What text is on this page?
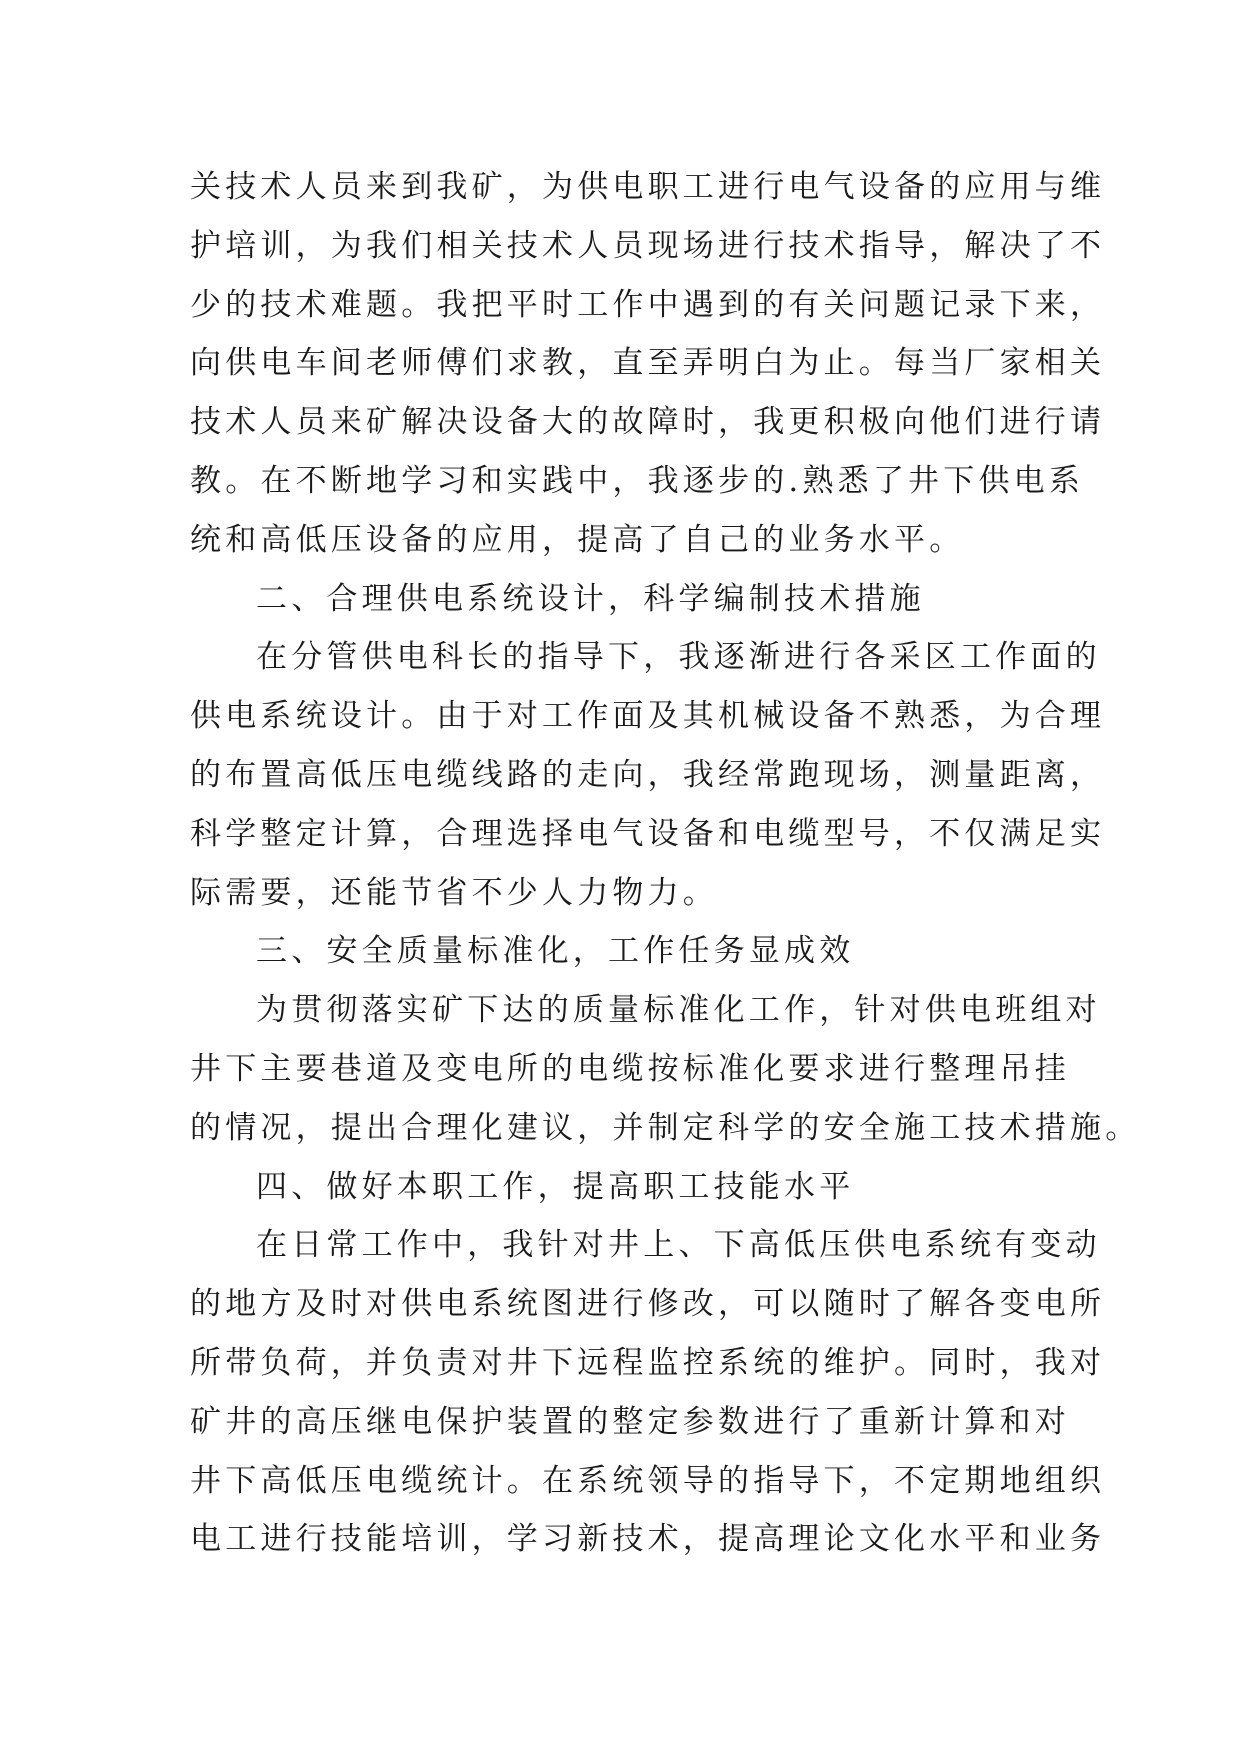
关技术人员来到我矿，为供电职工进行电气设备的应用与维
护培训，为我们相关技术人员现场进行技术指导，解决了不
少的技术难题。我把平时工作中遇到的有关问题记录下来，
向供电车间老师傅们求教，直至弄明白为止。每当厂家相关
技术人员来矿解决设备大的故障时，我更积极向他们进行请
教。在不断地学习和实践中，我逐步的.熟悉了井下供电系
统和高低压设备的应用，提高了自己的业务水平。
二、合理供电系统设计，科学编制技术措施
在分管供电科长的指导下，我逐渐进行各采区工作面的
供电系统设计。由于对工作面及其机械设备不熟悉，为合理
的布置高低压电缆线路的走向，我经常跑现场，测量距离，
科学整定计算，合理选择电气设备和电缆型号，不仅满足实
际需要，还能节省不少人力物力。
三、安全质量标准化，工作任务显成效
为贯彻落实矿下达的质量标准化工作，针对供电班组对
井下主要巷道及变电所的电缆按标准化要求进行整理吊挂
的情况，提出合理化建议，并制定科学的安全施工技术措施。
四、做好本职工作，提高职工技能水平
在日常工作中，我针对井上、下高低压供电系统有变动
的地方及时对供电系统图进行修改，可以随时了解各变电所
所带负荷，并负责对井下远程监控系统的维护。同时，我对
矿井的高压继电保护装置的整定参数进行了重新计算和对
井下高低压电缆统计。在系统领导的指导下，不定期地组织
电工进行技能培训，学习新技术，提高理论文化水平和业务
